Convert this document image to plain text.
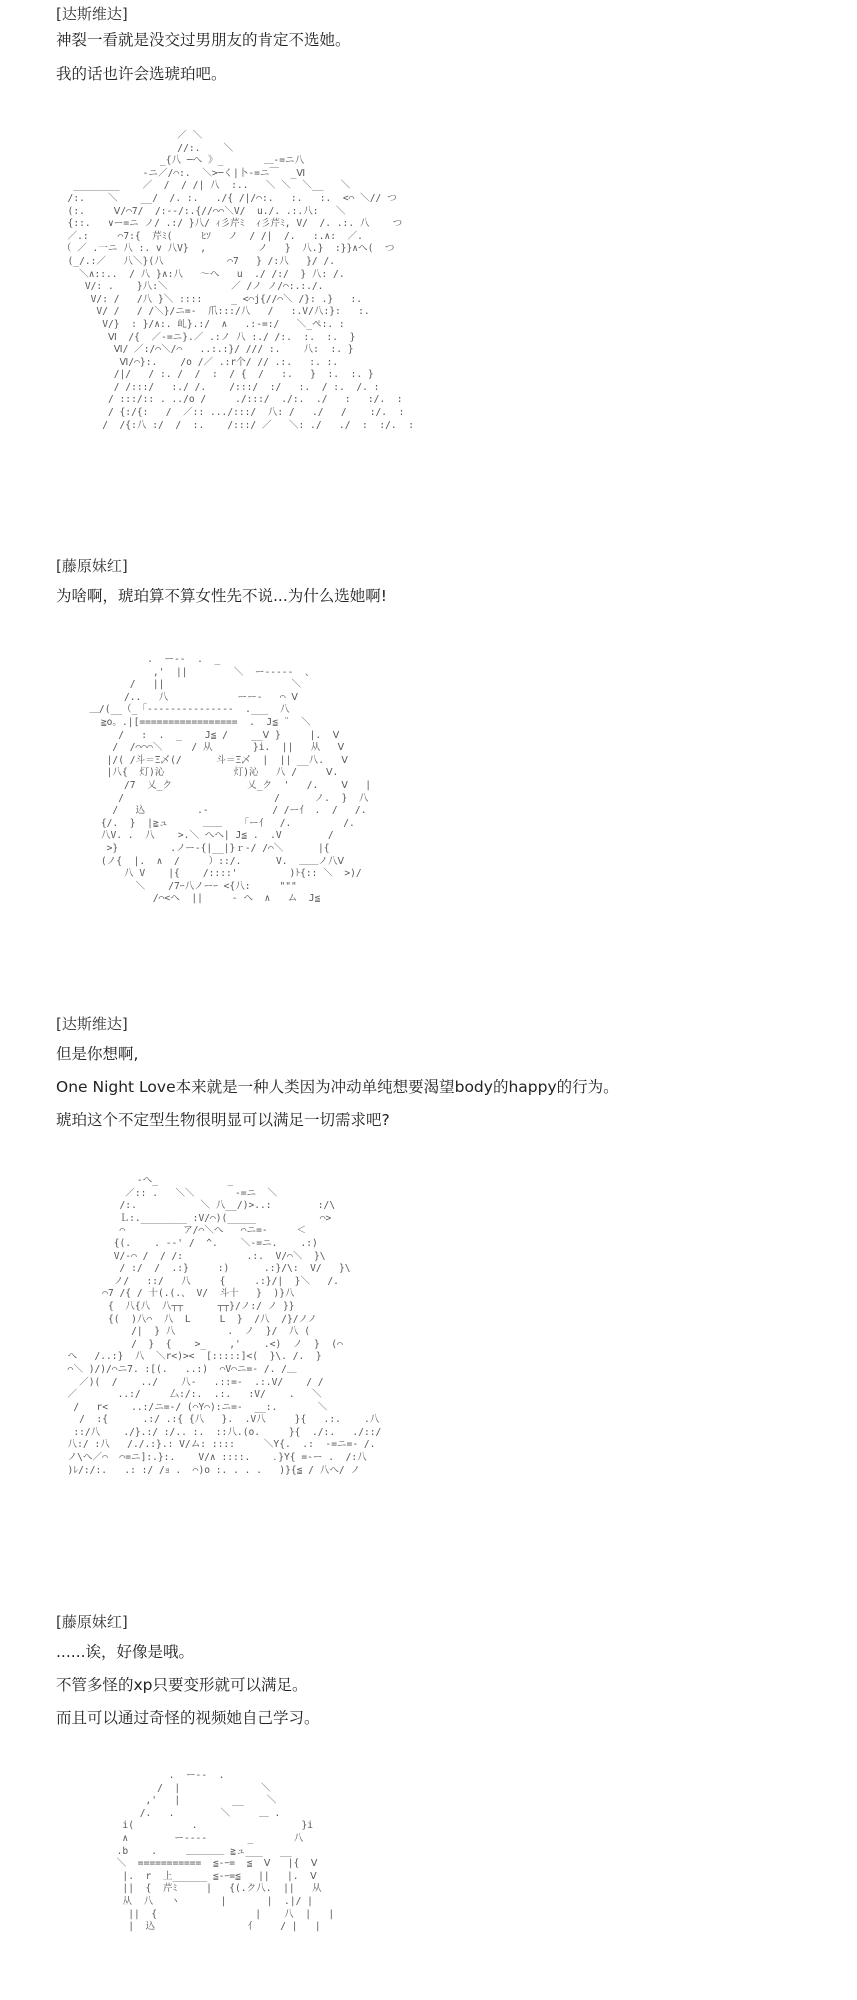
[达斯维达]
神裂一看就是没交过男朋友的肯定不选她。
我的话也许会选琥珀吧。
／ ＼
//:.    ＼
_{八 ─へ 》_       ＿-=ニ八
-ニ／/⌒:.  ＼>─く|卜-=ニ￣  _Ⅵ
________    ／  /  / /| 八  :..   ＼ ＼  ＼__   ＼
/:.    ＼    __/  /. :.   ./{ /|/⌒:.   :.   :.  <⌒ ＼// つ
(:.     Ⅴ/⌒7/  /:--/:.{//⌒⌒＼V/  u./. .:.八:   ＼
{::.   ∨ー=ニ ノ/ .:/ }八/ ｨ彡芹ﾐ  ｨ彡芹ﾐ, V/  /. .:. 八    つ
／.:     ⌒7:{  芹ﾐ(     ﾋｿ   ノ  / /|  /.   :.∧:  ／.
（ ／ .一ニ 八 :. v 八V}  ,         ノ   }  八.}  :}}∧へ(  つ
(_/.:／   八＼}(八           ⌒7   } /:八   }/ /.
＼∧::..  / 八 }∧:八   〜へ   u  ./ /:/  } 八: /.
V/: .    }八:＼           ／ /ノ ノ/⌒:.:./.
V/: /   /八 }＼ ::::     _ <⌒j{//⌒＼ /}: .}   :.
V/ /   / /＼}/ニ=-  爪:::/八   /   :.V/八:}:   :.
V/}  : }/∧:. 乢}.:/  ∧   .:-=:/   ＼_ぺ:. :
Ⅵ  /{  ／-=ニ}.／ .:ノ 八 :./ /:.  :.  :.  }
Ⅵ/ ／:/⌒＼/⌒   ..:.:}/ /// :.    八:  :. }
Ⅵ/⌒}:.    /o /／ .:r个/ // .:.   :. :.
/|/   / :. /  /  :  / {  /   :.   }  :.  :. }
/ /:::/   :./ /.    /:::/  :/   :.  / :.  /. :
/ :::/:: . ../o /     ./:::/  ./:.  ./   :   :/.  :
/ {:/{:   /  ／:: .../:::/  八: /   ./   /    :/.  :
/  /{:八 :/  /  :.    /:::/ ／   ＼: ./   ./  :  :/.  :
[藤原妹红]
为啥啊，琥珀算不算女性先不说...为什么选她啊!
.  ー‐‐  .  _
,'  ||        ＼  ー‐‐‐‐‐  、
/   ||                      ＼
/..   八            ーー‐   ⌒ Ⅴ
＿/(__（_「‐‐‐‐‐‐‐‐‐‐‐‐‐‐‐  .___  八
≧o。.|[=================  .  J≦ ¨  ＼
/   :  .  _    J≦ /    __Ⅴ }     |.  Ⅴ
/  /⌒⌒⌒＼     / 从       }i.  ||   从   Ⅴ
|/( /斗＝Ξ乄(/      斗＝Ξ乄  |  || __八.   Ⅴ
|八{  灯)沁            灯)沁   八 /     Ⅴ.
/7  乂_ク             乂_ク  '   /.    Ⅴ   |
/                          /      ノ.  }  八
/   込         .-           / /ー亻 .  /   /.
{/.  }  |≧ュ      ＿＿   「ー亻  /.         /.
八V. .  八    >.＼ へへ| J≦ .  .V        /
>}         .ノー-{|__|}ｒ-/ /⌒＼      |{
(ノ{  |.  ∧  /     ）::/.      V.  ＿＿ノ八Ⅴ
八 V    |{    /::::'         )ﾄ{:: ＼  >)/
＼    /7ｰ八ノーｰ <{八:     """
/⌒<へ  ||     - へ  ∧   ム  J≦
[达斯维达]
但是你想啊,
One Night Love本来就是一种人类因为冲动单纯想要渴望body的happy的行为。
琥珀这个不定型生物很明显可以满足一切需求吧?
-へ_            _
／:: .   ＼＼       -=ニ  ＼
/:.           ＼ 八__/)>..:        :/\
Ｌ:.________ :V/⌒)(_____           ⌒>
⌒          ア/⌒＼へ   ⌒ニ=-     ＜
{(.    . --' /  ^.    ＼-=ニ.    .:)
V/-⌒ /  / /:           .:.  V/⌒＼  }\
/ :/  /  .:}     :)      .:}/\:  V/   }\
ノ/   ::/   八     {     .:}/|  }＼   /.
⌒7 /{ / 十(.(.、 V/  斗十   }  )}八
{  八{八  八┬┬      ┬┬}/ノ:/ ノ }}
{(  )八⌒  八  L     L  }  /八  /}/ノノ
/|  } 八         .  ノ  }/  八 (
/  }  {    >_    ,'    .<)  ノ  }  (⌒
へ   /..:}  八  ＼r<)><  [:::::]<(  }\. /.  }
⌒＼ )/)/⌒ニ7. :[(.   ..:)  ⌒V⌒ニ=- /. /＿
／)(  /    ../    八-   .::=-  .:.V/    / /
／       ..:/     厶:/:.  .:.   :V/    .   ＼
/   r<    ..:/ニ=-/ (⌒Y⌒):ニ=-  __:.       ＼
/  :{      .:/ .:{ {八   }.  .V八     }{   .:.    .八
::/八    ./}.:/ :/.. :.  ::八.(o.     }{  ./:.   ./::/
八:/ :八   /./.:}.: V/ム: ::::     ＼Y{.  .:  -=ニ=- /.
ノ\へ／⌒  ⌒=ニ]:.}:.    V/∧ ::::.    ．}Y{ =-ー .  /:八
)ﾚ/:/:.   .: :/ /ｮ .  ⌒)o :. . . .   )}{≦ / 八へ/ ノ
[藤原妹红]
......诶，好像是哦。
不管多怪的xp只要变形就可以满足。
而且可以通过奇怪的视频她自己学习。
.  ー‐‐  .
/  |              ＼
,'   |         __    ＼
/.   .        ＼     ＿ .
i(          .                  }i
∧        ー‐‐‐‐       _       八
.b    .     ＿＿＿＿ ≧ュ___   __
＼  ===========  ≦-ｰ=  ≦  Ⅴ   |{  Ⅴ
|.  r  上______ ≦-ｰ=≦   ||   |.  Ⅴ
||  {  芹ﾐ     |   {(.ク八.  ||   从
从  八   ヽ       |       |  .|/ |
||  {                 |    八  |   |
|  込                亻    / |   |
